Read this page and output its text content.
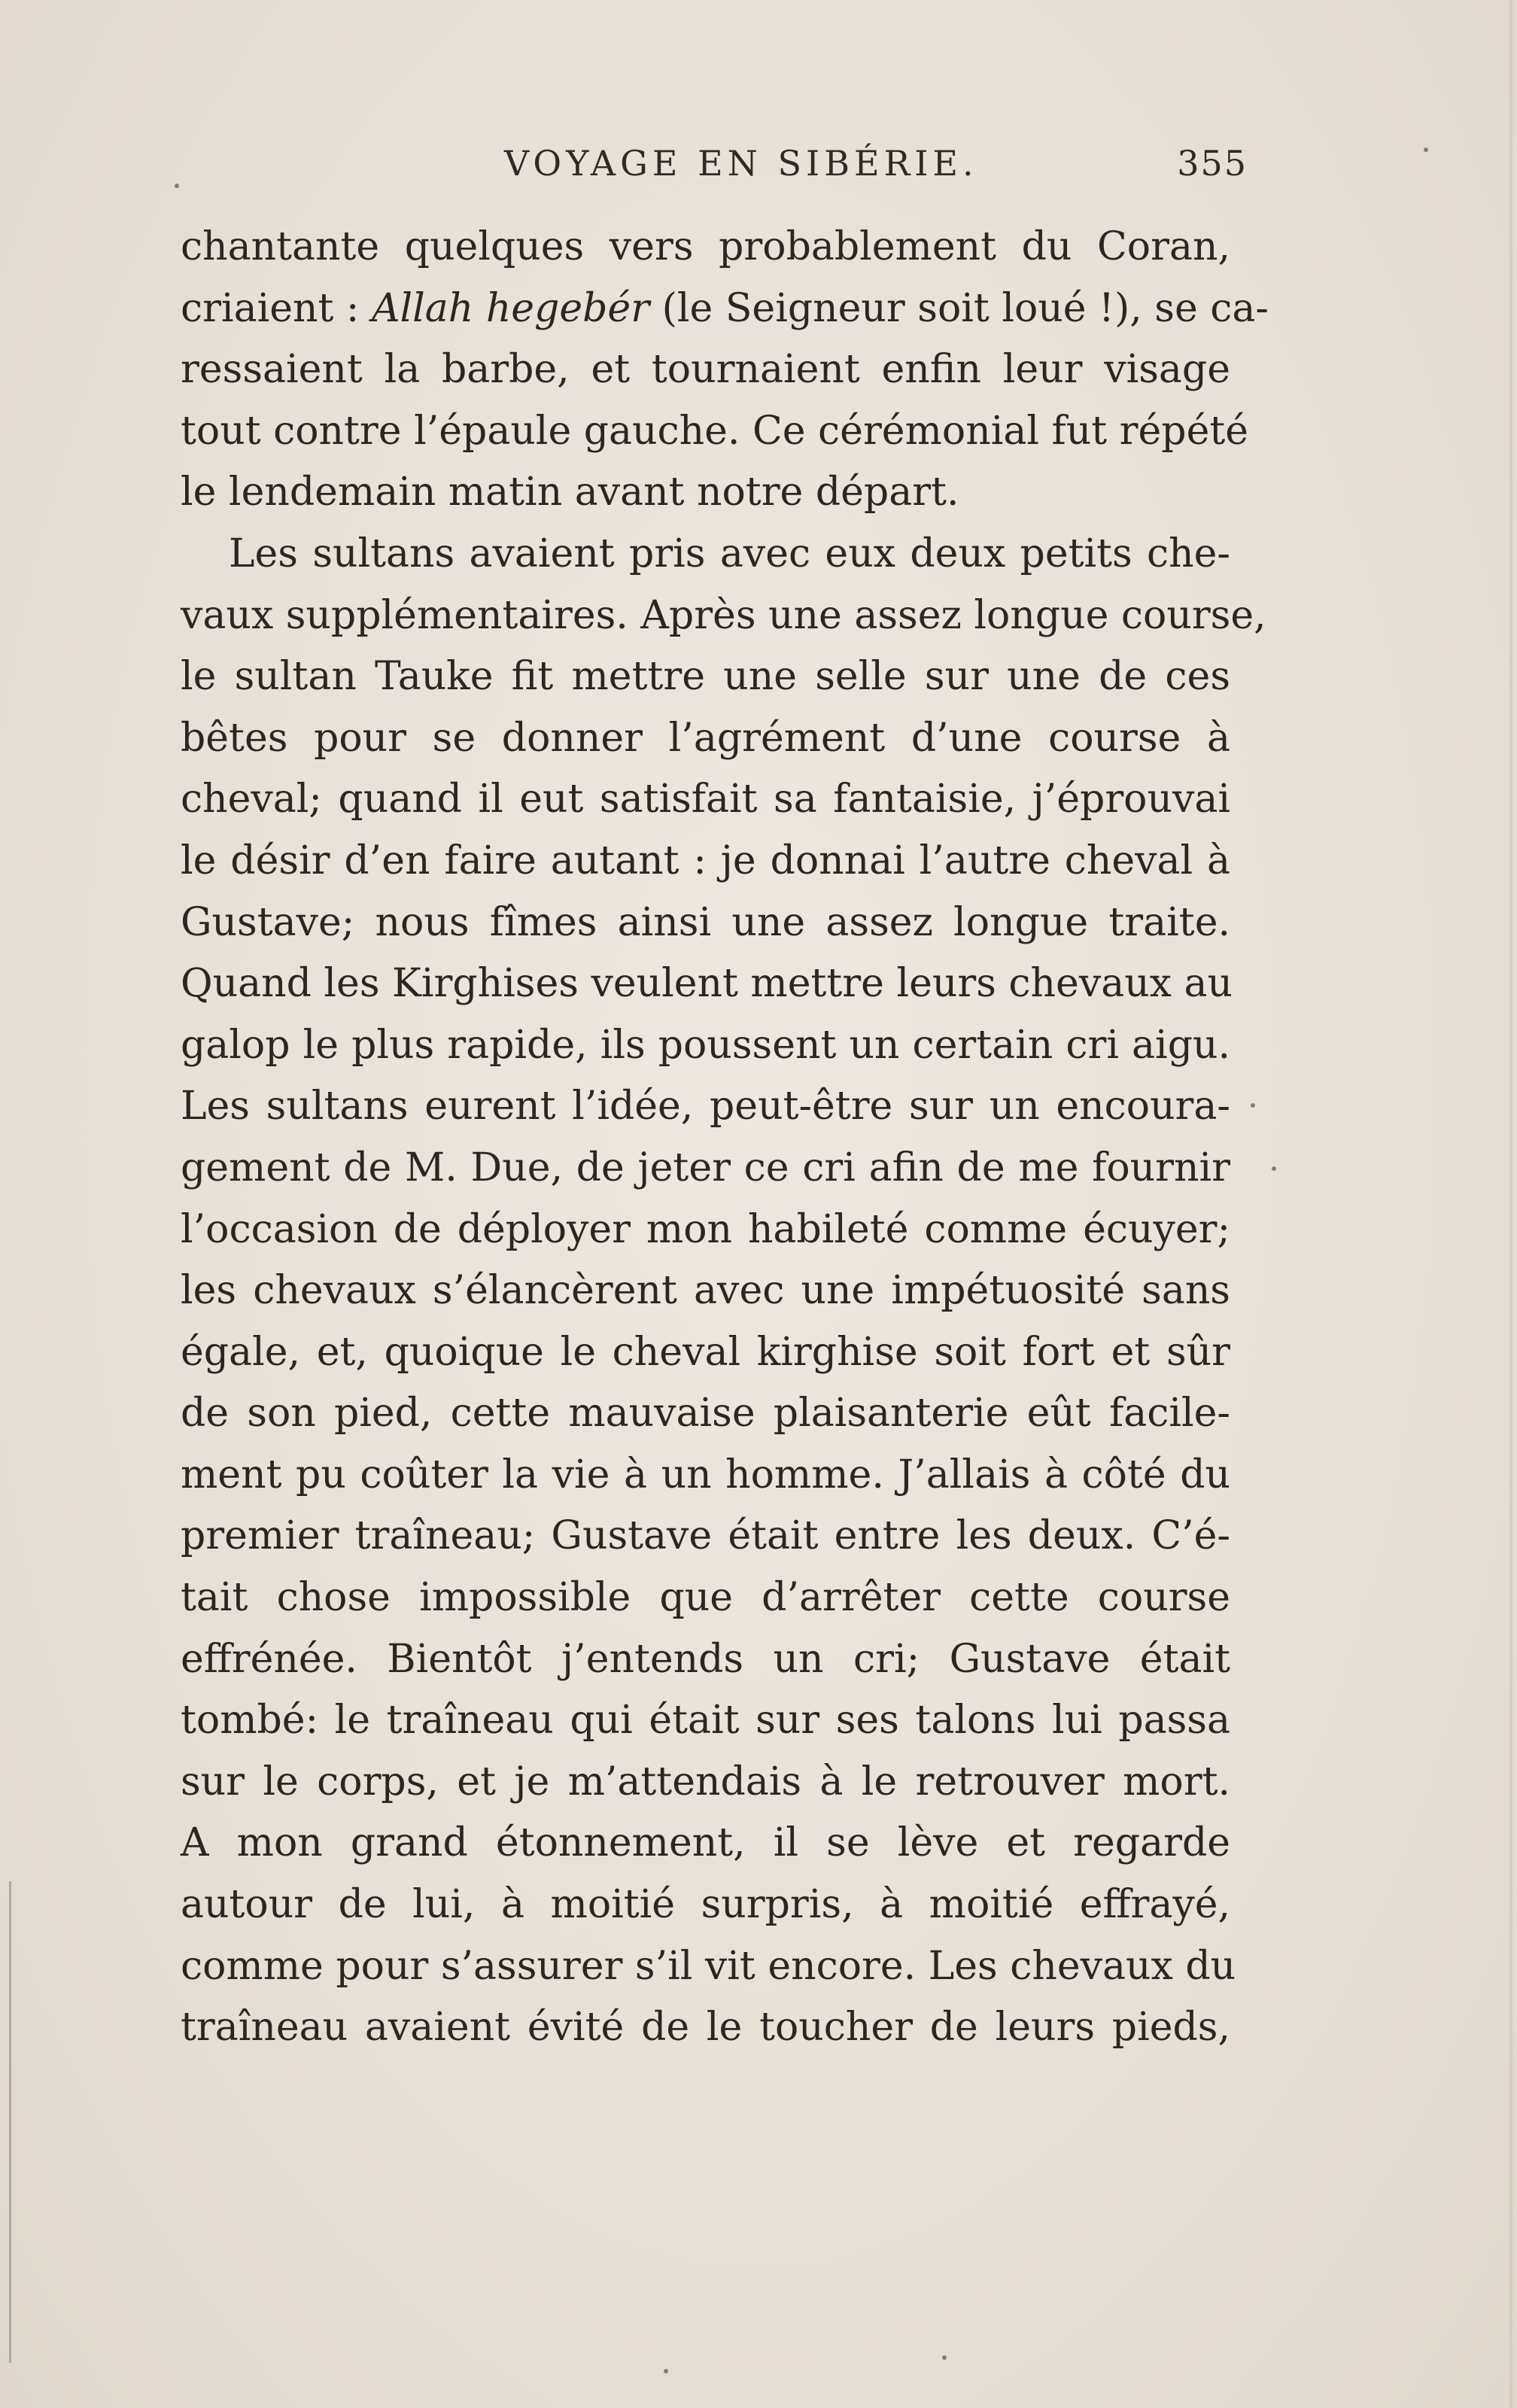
VOYAGE EN SIBÉRIE.	355
chantante quelques vers probablement du Coran,
criaient : Allah hegebér (le Seigneur soit loué !), se ca-
ressaient la barbe, et tournaient enfin leur visage
tout contre l’épaule gauche. Ce cérémonial fut répété
le lendemain matin avant notre départ.
Les sultans avaient pris avec eux deux petits che-
vaux supplémentaires. Après une assez longue course,
le sultan Tauke fit mettre une selle sur une de ces
bêtes pour se donner l’agrément d’une course à
cheval; quand il eut satisfait sa fantaisie, j’éprouvai
le désir d’en faire autant : je donnai l’autre cheval à
Gustave; nous fîmes ainsi une assez longue traite.
Quand les Kirghises veulent mettre leurs chevaux au
galop le plus rapide, ils poussent un certain cri aigu.
Les sultans eurent l’idée, peut-être sur un encoura-
gement de M. Due, de jeter ce cri afin de me fournir
l’occasion de déployer mon habileté comme écuyer;
les chevaux s’élancèrent avec une impétuosité sans
égale, et, quoique le cheval kirghise soit fort et sûr
de son pied, cette mauvaise plaisanterie eût facile-
ment pu coûter la vie à un homme. J’allais à côté du
premier traîneau; Gustave était entre les deux. C’é-
tait chose impossible que d’arrêter cette course
effrénée. Bientôt j’entends un cri; Gustave était
tombé: le traîneau qui était sur ses talons lui passa
sur le corps, et je m’attendais à le retrouver mort.
A mon grand étonnement, il se lève et regarde
autour de lui, à moitié surpris, à moitié effrayé,
comme pour s’assurer s’il vit encore. Les chevaux du
traîneau avaient évité de le toucher de leurs pieds,
